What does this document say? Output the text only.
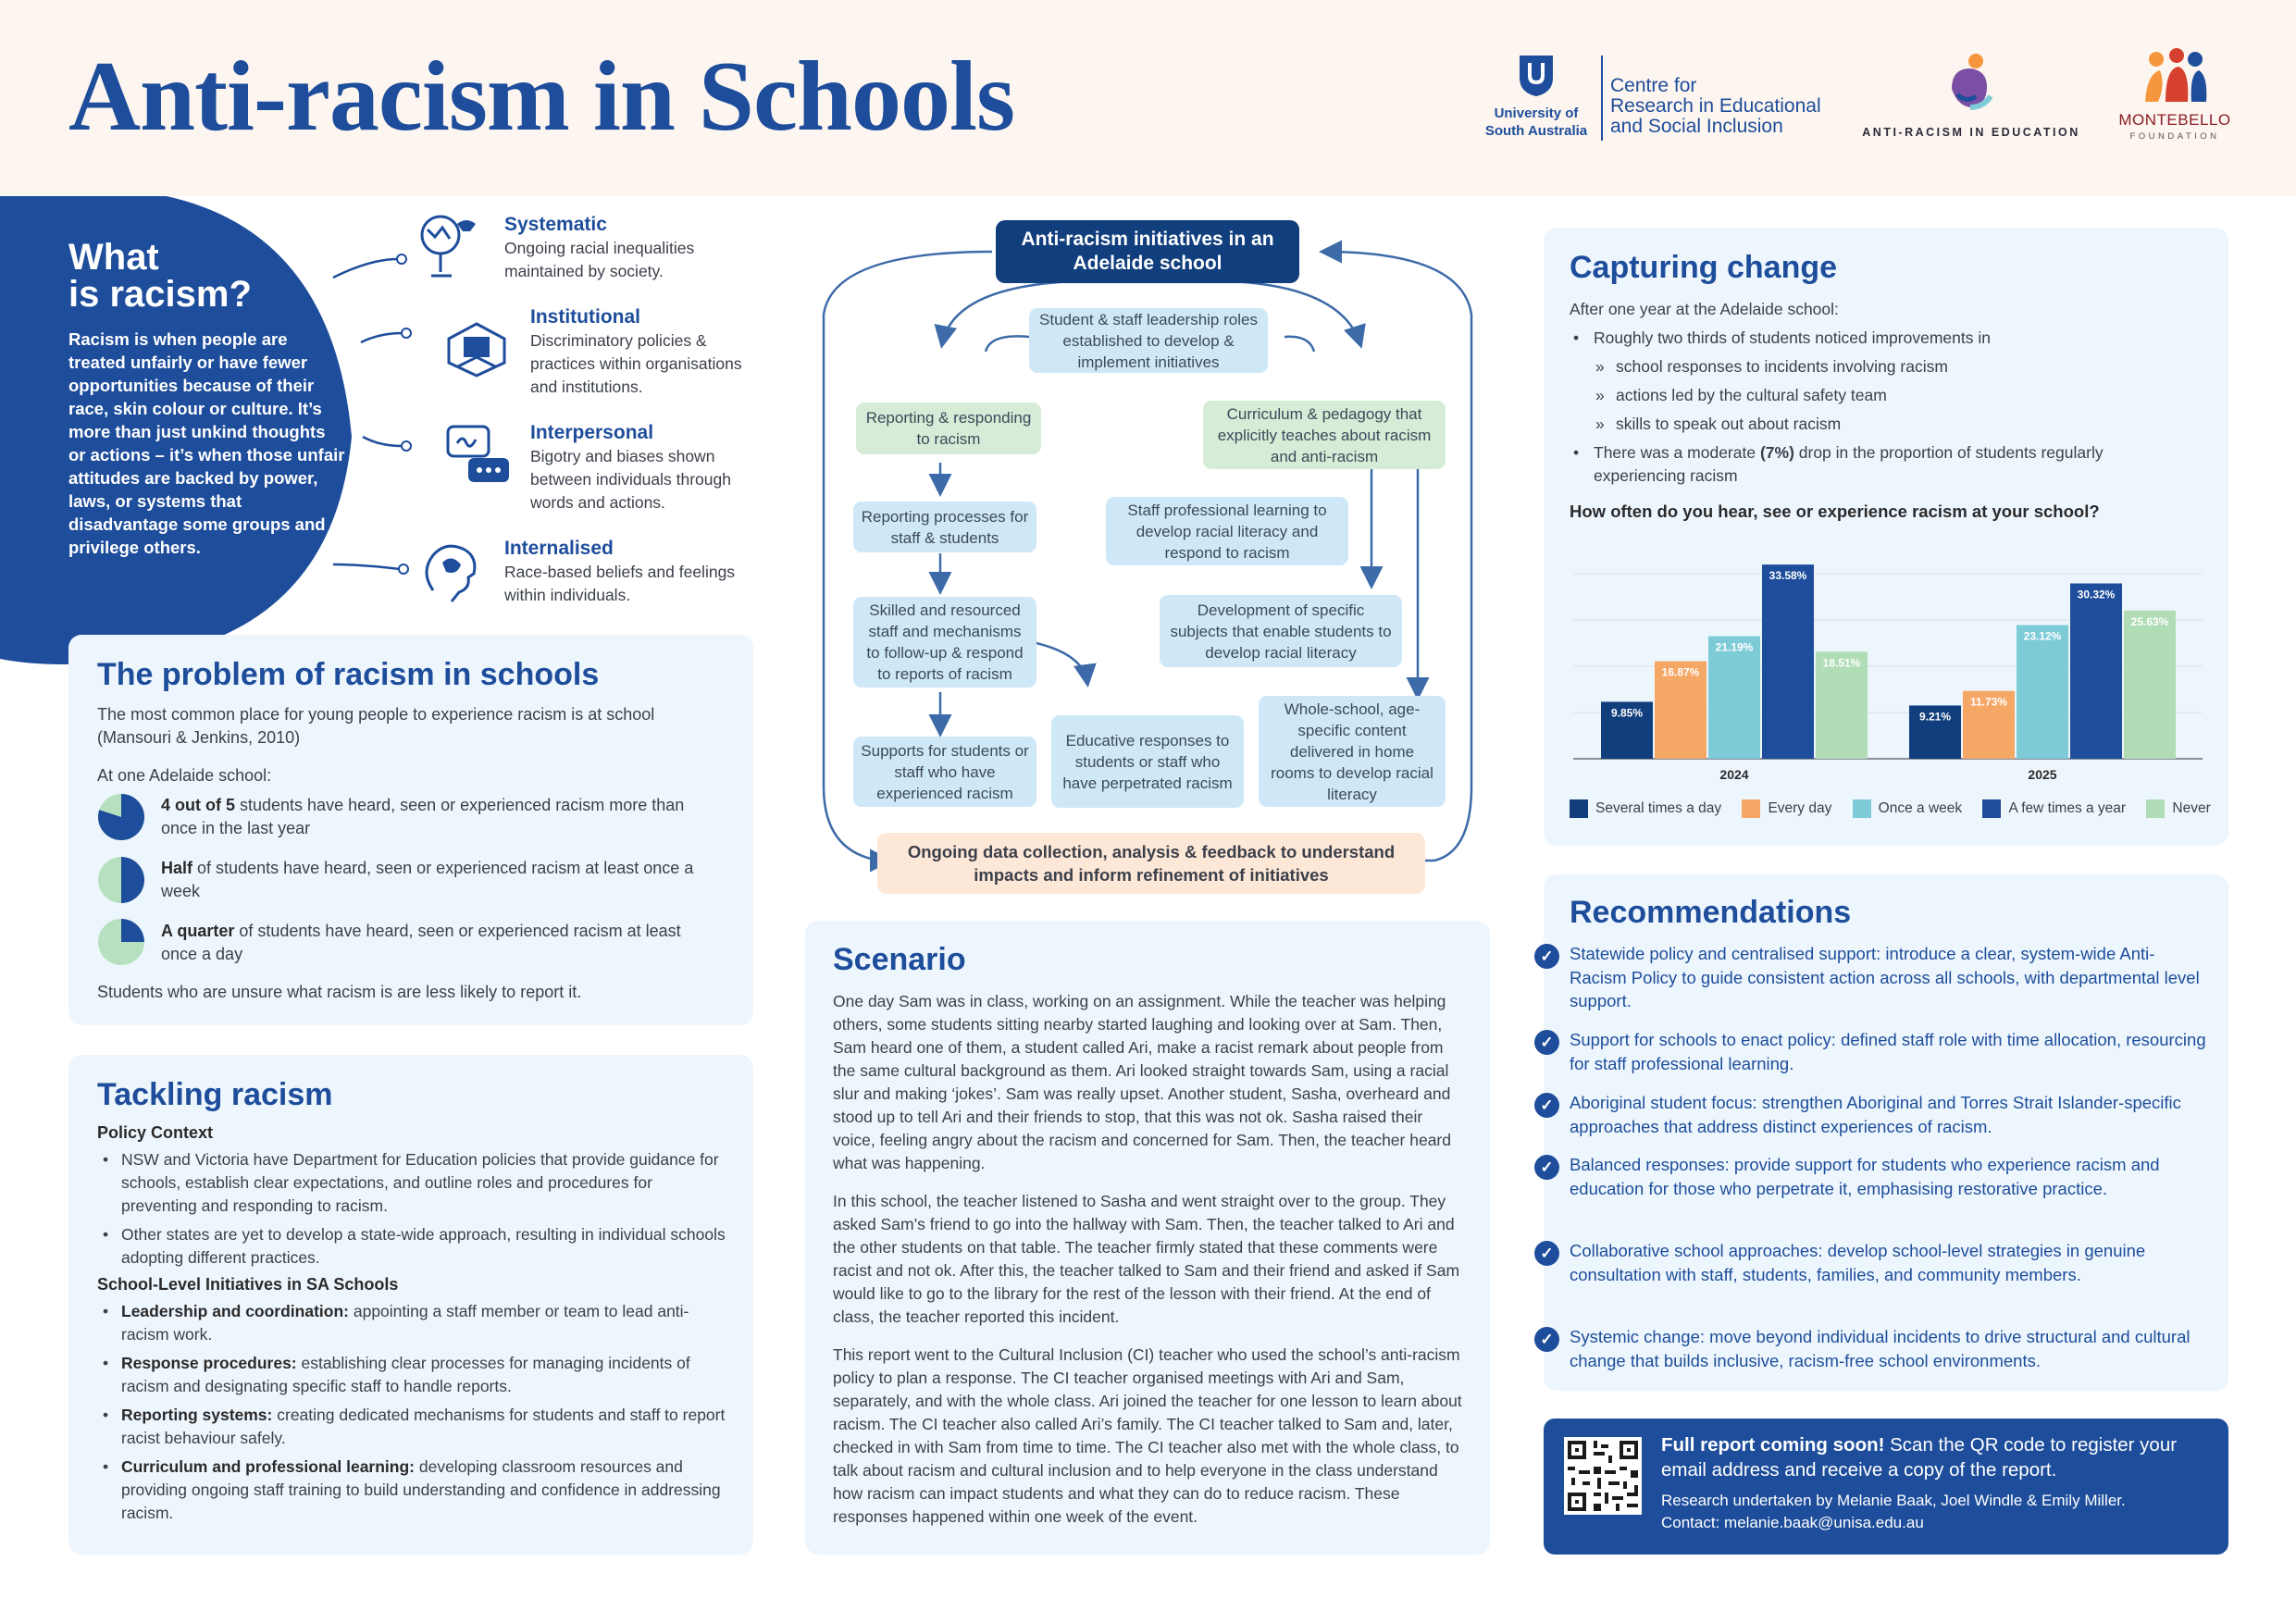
Anti-racism in Schools	University of
South Australia
Centre for
Research in Educational
and Social Inclusion	ANTI-RACISM IN EDUCATION
MONTEBELLO
FOUNDATION
What
is racism?
Racism is when people are treated unfairly or have fewer opportunities because of their race, skin colour or culture. It’s more than just unkind thoughts or actions – it’s when those unfair attitudes are backed by power, laws, or systems that disadvantage some groups and privilege others.
Systematic
Ongoing racial inequalities maintained by society.
Institutional
Discriminatory policies & practices within organisations and institutions.
Interpersonal
Bigotry and biases shown between individuals through words and actions.
Internalised
Race-based beliefs and feelings within individuals.
The problem of racism in schools
The most common place for young people to experience racism is at school (Mansouri & Jenkins, 2010)
At one Adelaide school:
4 out of 5 students have heard, seen or experienced racism more than once in the last year
Half of students have heard, seen or experienced racism at least once a week
A quarter of students have heard, seen or experienced racism at least once a day
Students who are unsure what racism is are less likely to report it.
Tackling racism
Policy Context
• NSW and Victoria have Department for Education policies that provide guidance for schools, establish clear expectations, and outline roles and procedures for preventing and responding to racism.
• Other states are yet to develop a state-wide approach, resulting in individual schools adopting different practices.
School-Level Initiatives in SA Schools
• Leadership and coordination: appointing a staff member or team to lead anti-racism work.
• Response procedures: establishing clear processes for managing incidents of racism and designating specific staff to handle reports.
• Reporting systems: creating dedicated mechanisms for students and staff to report racist behaviour safely.
• Curriculum and professional learning: developing classroom resources and providing ongoing staff training to build understanding and confidence in addressing racism.
Anti-racism initiatives in an Adelaide school
Student & staff leadership roles established to develop & implement initiatives
Reporting & responding to racism
Curriculum & pedagogy that explicitly teaches about racism and anti-racism
Reporting processes for staff & students
Staff professional learning to develop racial literacy and respond to racism
Skilled and resourced staff and mechanisms to follow-up & respond to reports of racism
Development of specific subjects that enable students to develop racial literacy
Supports for students or staff who have experienced racism
Educative responses to students or staff who have perpetrated racism
Whole-school, age-specific content delivered in home rooms to develop racial literacy
Ongoing data collection, analysis & feedback to understand impacts and inform refinement of initiatives
Scenario

One day Sam was in class, working on an assignment. While the teacher was helping others, some students sitting nearby started laughing and looking over at Sam. Then, Sam heard one of them, a student called Ari, make a racist remark about people from the same cultural background as them. Ari looked straight towards Sam, using a racial slur and making ‘jokes’. Sam was really upset. Another student, Sasha, overheard and stood up to tell Ari and their friends to stop, that this was not ok. Sasha raised their voice, feeling angry about the racism and concerned for Sam. Then, the teacher heard what was happening.

In this school, the teacher listened to Sasha and went straight over to the group. They asked Sam’s friend to go into the hallway with Sam. Then, the teacher talked to Ari and the other students on that table. The teacher firmly stated that these comments were racist and not ok. After this, the teacher talked to Sam and their friend and asked if Sam would like to go to the library for the rest of the lesson with their friend. At the end of class, the teacher reported this incident.

This report went to the Cultural Inclusion (CI) teacher who used the school’s anti-racism policy to plan a response. The CI teacher organised meetings with Ari and Sam, separately, and with the whole class. Ari joined the teacher for one lesson to learn about racism. The CI teacher also called Ari’s family. The CI teacher talked to Sam and, later, checked in with Sam from time to time. The CI teacher also met with the whole class, to talk about racism and cultural inclusion and to help everyone in the class understand how racism can impact students and what they can do to reduce racism. These responses happened within one week of the event.

Capturing change
After one year at the Adelaide school:
• Roughly two thirds of students noticed improvements in
» school responses to incidents involving racism
» actions led by the cultural safety team
» skills to speak out about racism
• There was a moderate (7%) drop in the proportion of students regularly experiencing racism
How often do you hear, see or experience racism at your school?
9.85%
16.87%
21.19%
33.58%
18.51%
2024
9.21%
11.73%
23.12%
30.32%
25.63%
2025
Several times a day	Every day	Once a week	A few times a year	Never
Recommendations
✓ Statewide policy and centralised support: introduce a clear, system-wide Anti-Racism Policy to guide consistent action across all schools, with departmental level support.
✓ Support for schools to enact policy: defined staff role with time allocation, resourcing for staff professional learning.
✓ Aboriginal student focus: strengthen Aboriginal and Torres Strait Islander-specific approaches that address distinct experiences of racism.
✓ Balanced responses: provide support for students who experience racism and education for those who perpetrate it, emphasising restorative practice.
✓ Collaborative school approaches: develop school-level strategies in genuine consultation with staff, students, families, and community members.
✓ Systemic change: move beyond individual incidents to drive structural and cultural change that builds inclusive, racism-free school environments.
Full report coming soon! Scan the QR code to register your email address and receive a copy of the report.
Research undertaken by Melanie Baak, Joel Windle & Emily Miller.
Contact: melanie.baak@unisa.edu.au
